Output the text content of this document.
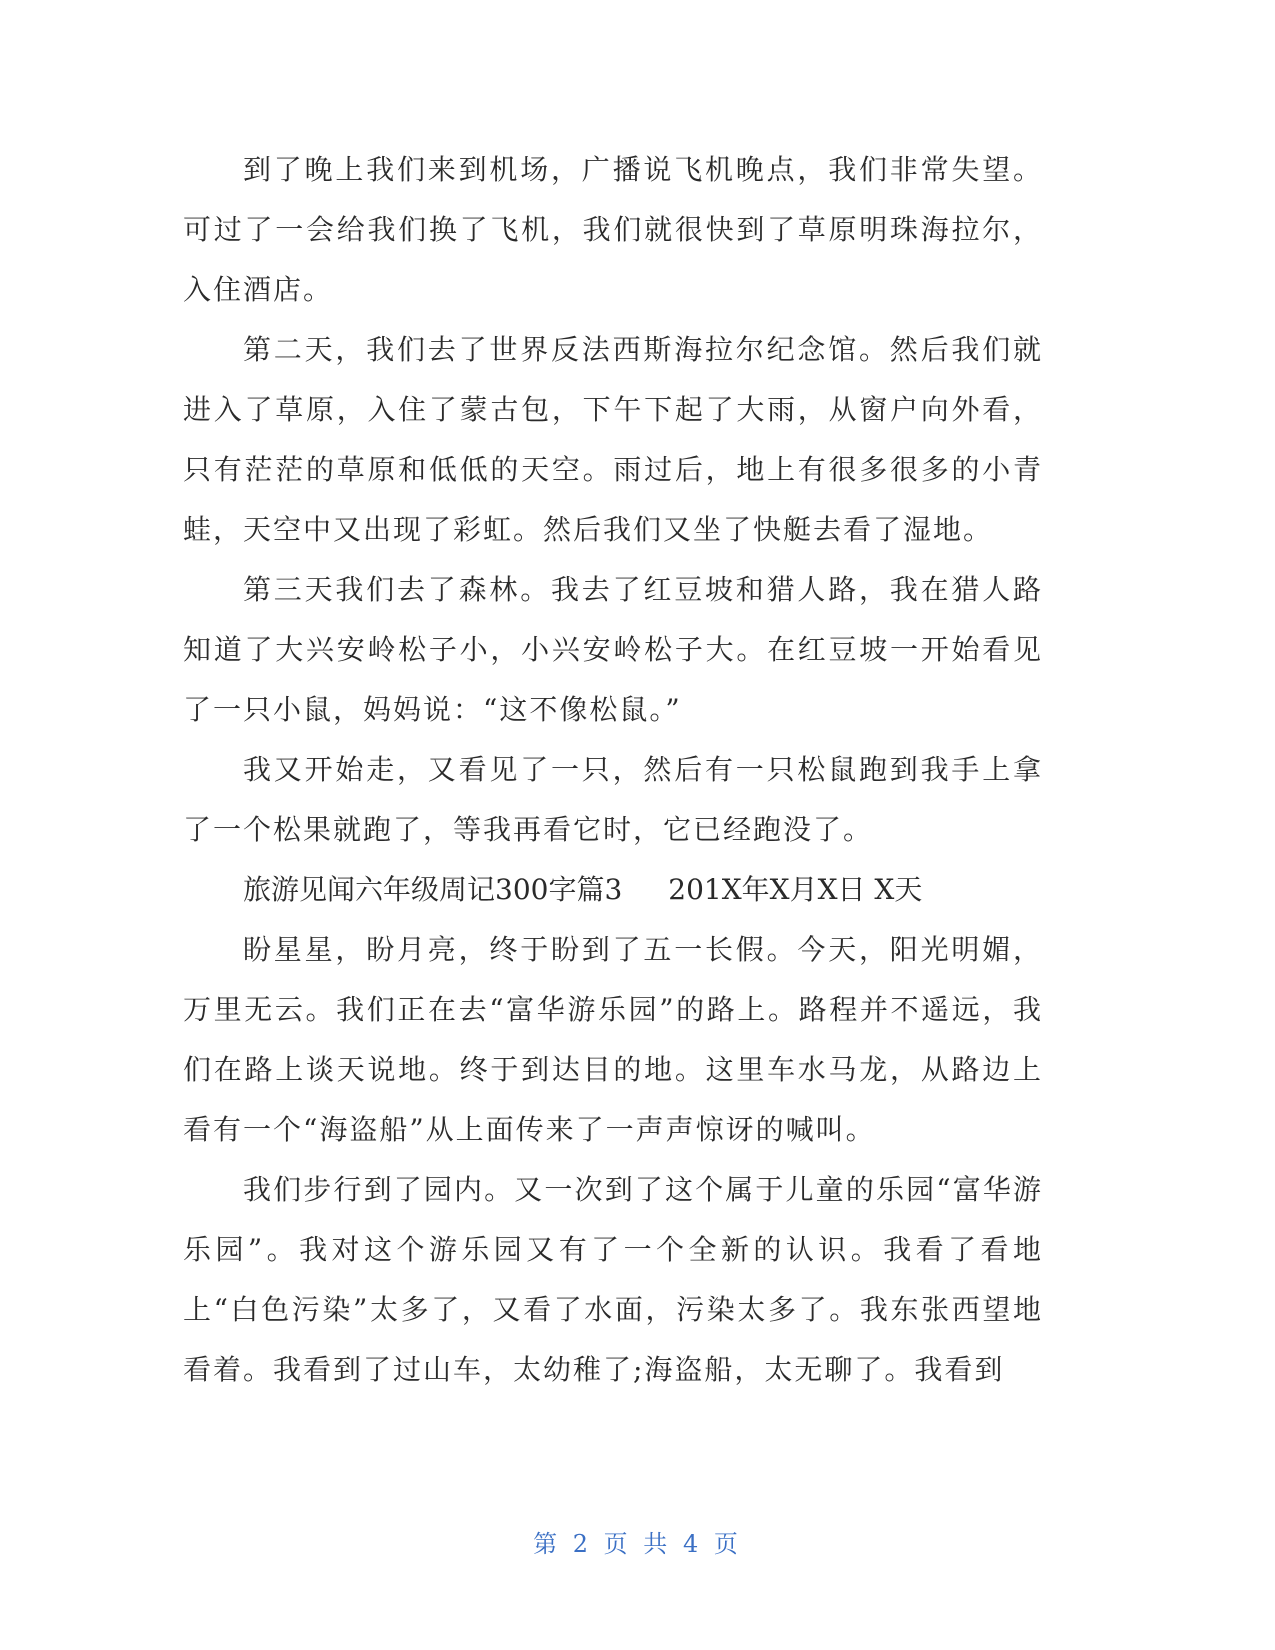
到了晚上我们来到机场，广播说飞机晚点，我们非常失望。可过了一会给我们换了飞机，我们就很快到了草原明珠海拉尔，入住酒店。

第二天，我们去了世界反法西斯海拉尔纪念馆。然后我们就进入了草原，入住了蒙古包，下午下起了大雨，从窗户向外看，只有茫茫的草原和低低的天空。雨过后，地上有很多很多的小青蛙，天空中又出现了彩虹。然后我们又坐了快艇去看了湿地。

第三天我们去了森林。我去了红豆坡和猎人路，我在猎人路知道了大兴安岭松子小，小兴安岭松子大。在红豆坡一开始看见了一只小鼠，妈妈说：“这不像松鼠。”

我又开始走，又看见了一只，然后有一只松鼠跑到我手上拿了一个松果就跑了，等我再看它时，它已经跑没了。

旅游见闻六年级周记300字篇3 201X年X月X日 X天

盼星星，盼月亮，终于盼到了五一长假。今天，阳光明媚，万里无云。我们正在去“富华游乐园”的路上。路程并不遥远，我们在路上谈天说地。终于到达目的地。这里车水马龙，从路边上看有一个“海盗船”从上面传来了一声声惊讶的喊叫。

我们步行到了园内。又一次到了这个属于儿童的乐园“富华游乐园”。我对这个游乐园又有了一个全新的认识。我看了看地上“白色污染”太多了，又看了水面，污染太多了。我东张西望地看着。我看到了过山车，太幼稚了;海盗船，太无聊了。我看到

第 2 页 共 4 页
